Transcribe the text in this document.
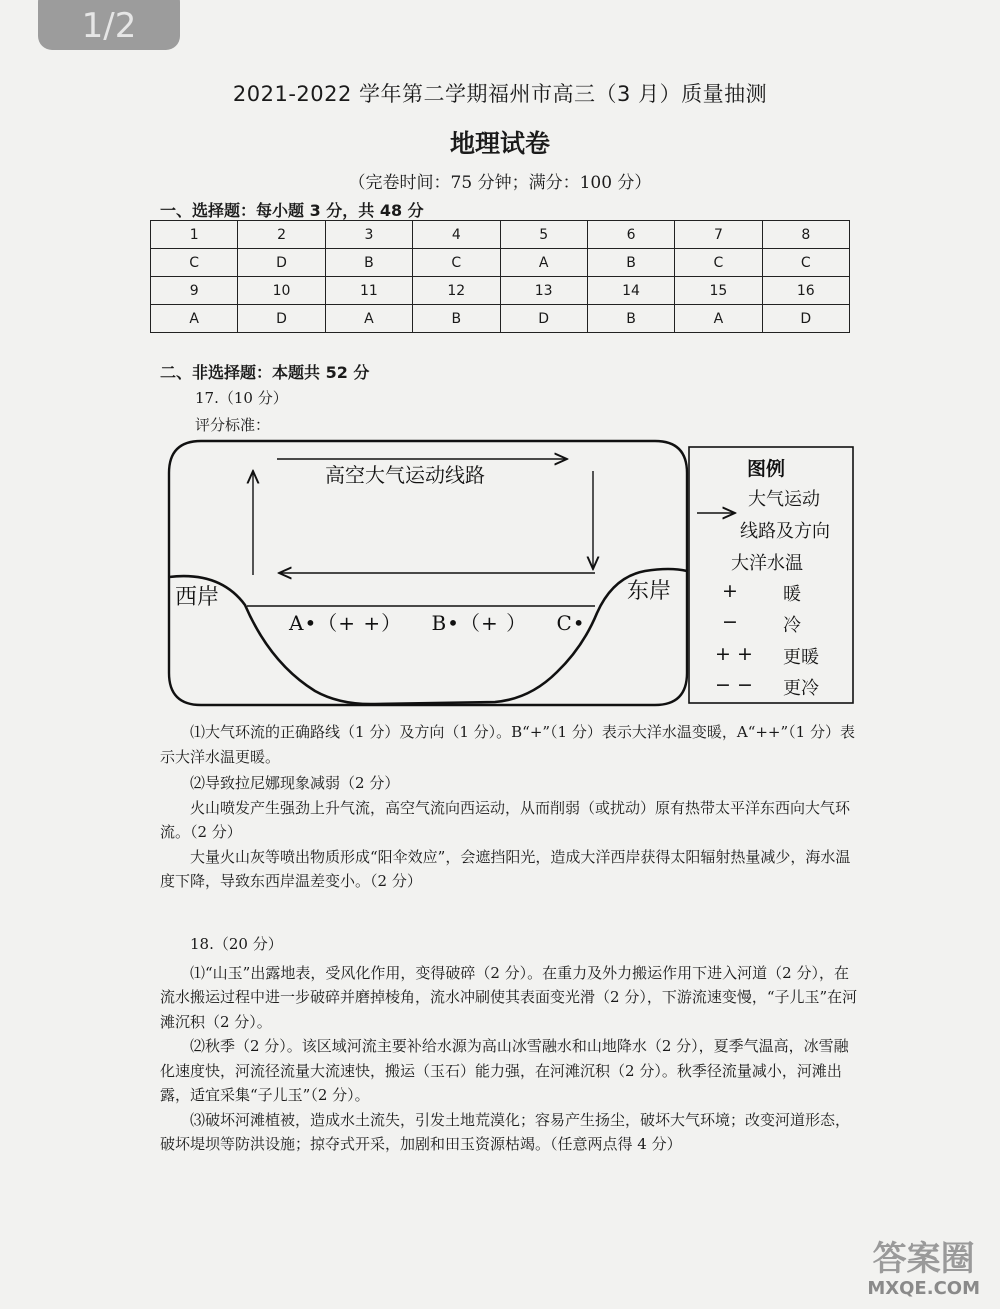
1/2
2021-2022 学年第二学期福州市高三（3 月）质量抽测
地理试卷
（完卷时间：75 分钟；满分：100 分）
一、选择题：每小题 3 分，共 48 分
1	2	3	4	5	6	7	8
C	D	B	C	A	B	C	C
9	10	11	12	13	14	15	16
A	D	A	B	D	B	A	D
二、非选择题：本题共 52 分
17.（10 分）
评分标准：
高空大气运动线路
西岸	东岸
A•（+ +） B•（+ ） C•
图例
大气运动
线路及方向
大洋水温
+	暖
−	冷
+ + 更暖
− − 更冷

⑴大气环流的正确路线（1 分）及方向（1 分）。B“+”（1 分）表示大洋水温变暖，A“++”（1 分）表示大洋水温更暖。

⑵导致拉尼娜现象减弱（2 分）

火山喷发产生强劲上升气流，高空气流向西运动，从而削弱（或扰动）原有热带太平洋东西向大气环流。（2 分）

大量火山灰等喷出物质形成“阳伞效应”，会遮挡阳光，造成大洋西岸获得太阳辐射热量减少，海水温度下降，导致东西岸温差变小。（2 分）

18.（20 分）

⑴“山玉”出露地表，受风化作用，变得破碎（2 分）。在重力及外力搬运作用下进入河道（2 分），在流水搬运过程中进一步破碎并磨掉棱角，流水冲刷使其表面变光滑（2 分），下游流速变慢，“子儿玉”在河滩沉积（2 分）。

⑵秋季（2 分）。该区域河流主要补给水源为高山冰雪融水和山地降水（2 分），夏季气温高，冰雪融化速度快，河流径流量大流速快，搬运（玉石）能力强，在河滩沉积（2 分）。秋季径流量减小，河滩出露，适宜采集“子儿玉”（2 分）。

⑶破坏河滩植被，造成水土流失，引发土地荒漠化；容易产生扬尘，破坏大气环境；改变河道形态，破坏堤坝等防洪设施；掠夺式开采，加剧和田玉资源枯竭。（任意两点得 4 分）

答案圈
MXQE.COM
